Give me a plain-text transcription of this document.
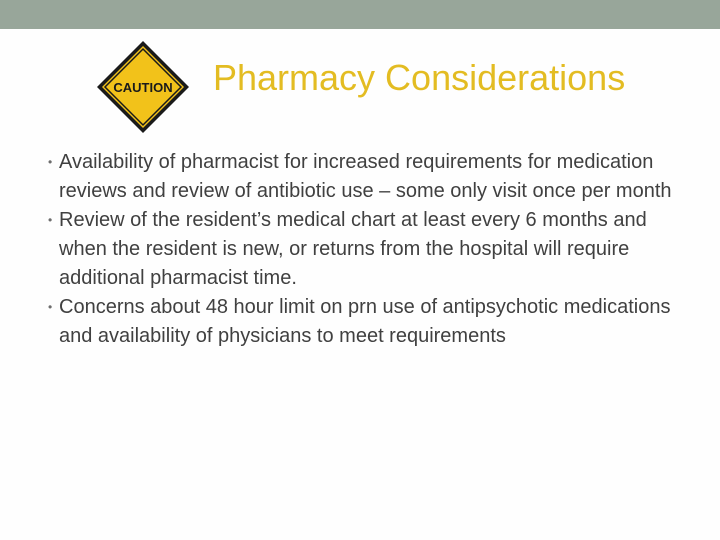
CAUTION Pharmacy Considerations
• Availability of pharmacist for increased requirements for medication reviews and review of antibiotic use – some only visit once per month
• Review of the resident’s medical chart at least every 6 months and when the resident is new, or returns from the hospital will require additional pharmacist time.
• Concerns about 48 hour limit on prn use of antipsychotic medications and availability of physicians to meet requirements
